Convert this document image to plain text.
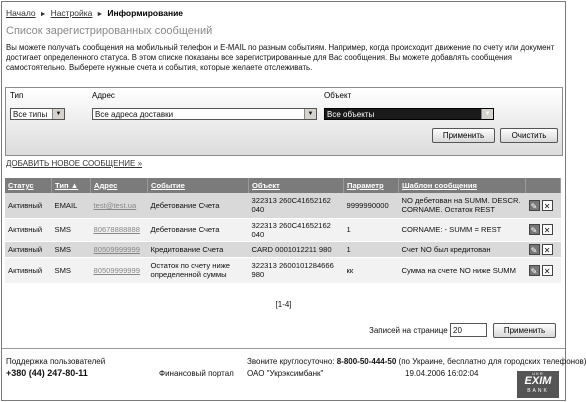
Начало ► Настройка ► Информирование
Список зарегистрированных сообщений
Вы можете получать сообщения на мобильный телефон и E-MAIL по разным событиям. Например, когда происходит движение по счету или документ достигает определенного статуса. В этом списке показаны все зарегистрированные для Вас сообщения. Вы можете добавлять сообщения самостоятельно. Выберете нужные счета и события, которые желаете отслеживать.
Тип	Адрес	Объект
Все типы	▼	Все адреса доставки	▼	Все объекты	▼
Применить	Очистить
ДОБАВИТЬ НОВОЕ СООБЩЕНИЕ »
Статус	Тип ▲	Адрес	Событие	Объект	Параметр	Шаблон сообщения	
Активный	EMAIL	test@test.ua	Дебетование Счета	322313 260С41652162 040	9999990000	NO дебетован на SUMM. DESCR. CORNAME. Остаток REST	✎ ✕
Активный	SMS	80678888888	Дебетование Счета	322313 260С41652162 040	1	CORNAME: - SUMM = REST	✎ ✕
Активный	SMS	80509999999	Кредитование Счета	CARD 0001012211 980	1	Счет NO был кредитован	✎ ✕
Активный	SMS	80509999999	Остаток по счету ниже определенной суммы	322313 2600101284666 980	кк	Сумма на счете NO ниже SUMM	✎ ✕
[1-4]
Записей на странице 20	Применить
Поддержка пользователей
+380 (44) 247-80-11
Звоните круглосуточно: 8-800-50-444-50 (по Украине, бесплатно для городских телефонов)
Финансовый портал ОАО "Укрэксимбанк"	19.04.2006 16:02:04	UKR
EXIM
BANK
